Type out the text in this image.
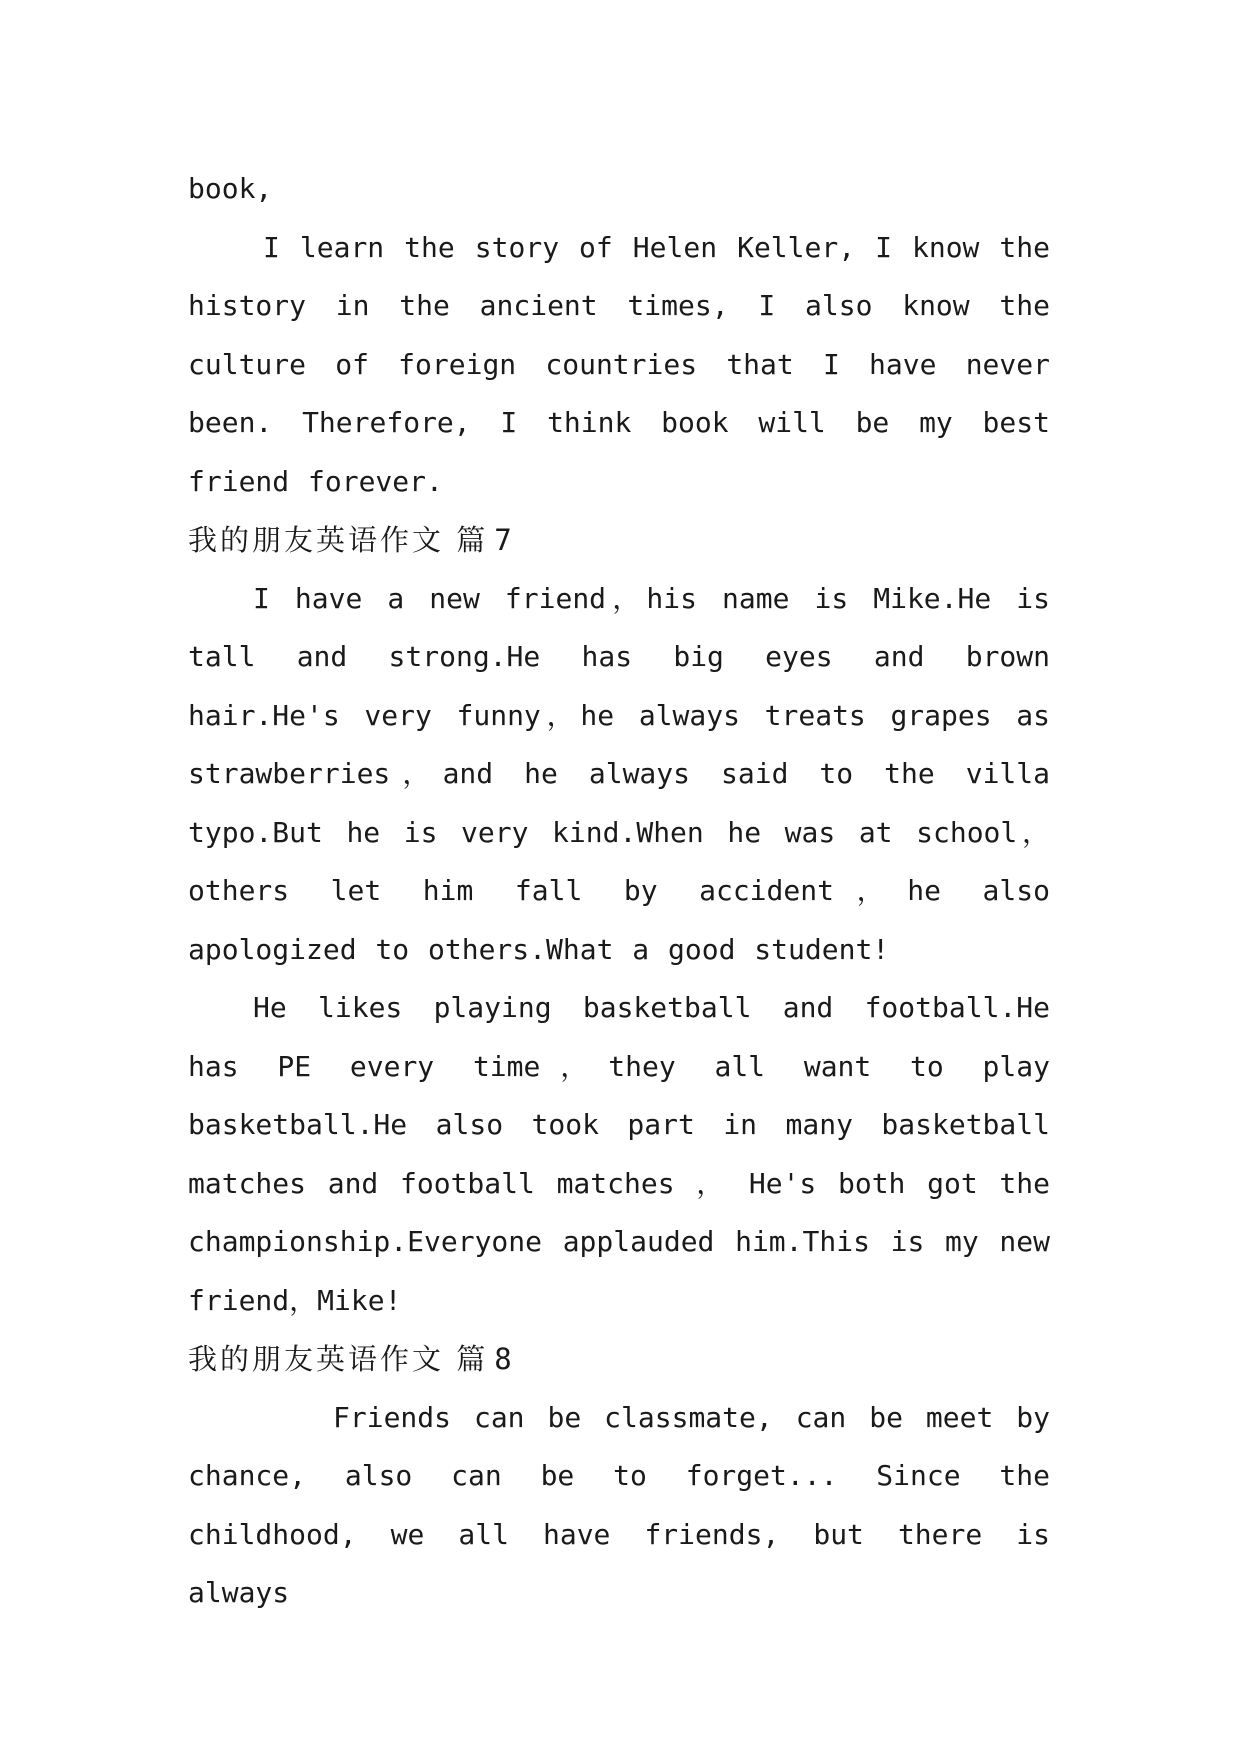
book,

I learn the story of Helen Keller, I know the history in the ancient times, I also know the culture of foreign countries that I have never been. Therefore, I think book will be my best friend forever.

我的朋友英语作文 篇 7

I have a new friend，his name is Mike.He is tall and strong.He has big eyes and brown hair.He's very funny，he always treats grapes as strawberries，and he always said to the villa typo.But he is very kind.When he was at school，others let him fall by accident，he also apologized to others.What a good student!

He likes playing basketball and football.He has PE every time，they all want to play basketball.He also took part in many basketball matches and football matches ， He's both got the championship.Everyone applauded him.This is my new friend，Mike!

我的朋友英语作文 篇 8

Friends can be classmate, can be meet by chance, also can be to forget... Since the childhood, we all have friends, but there is always
